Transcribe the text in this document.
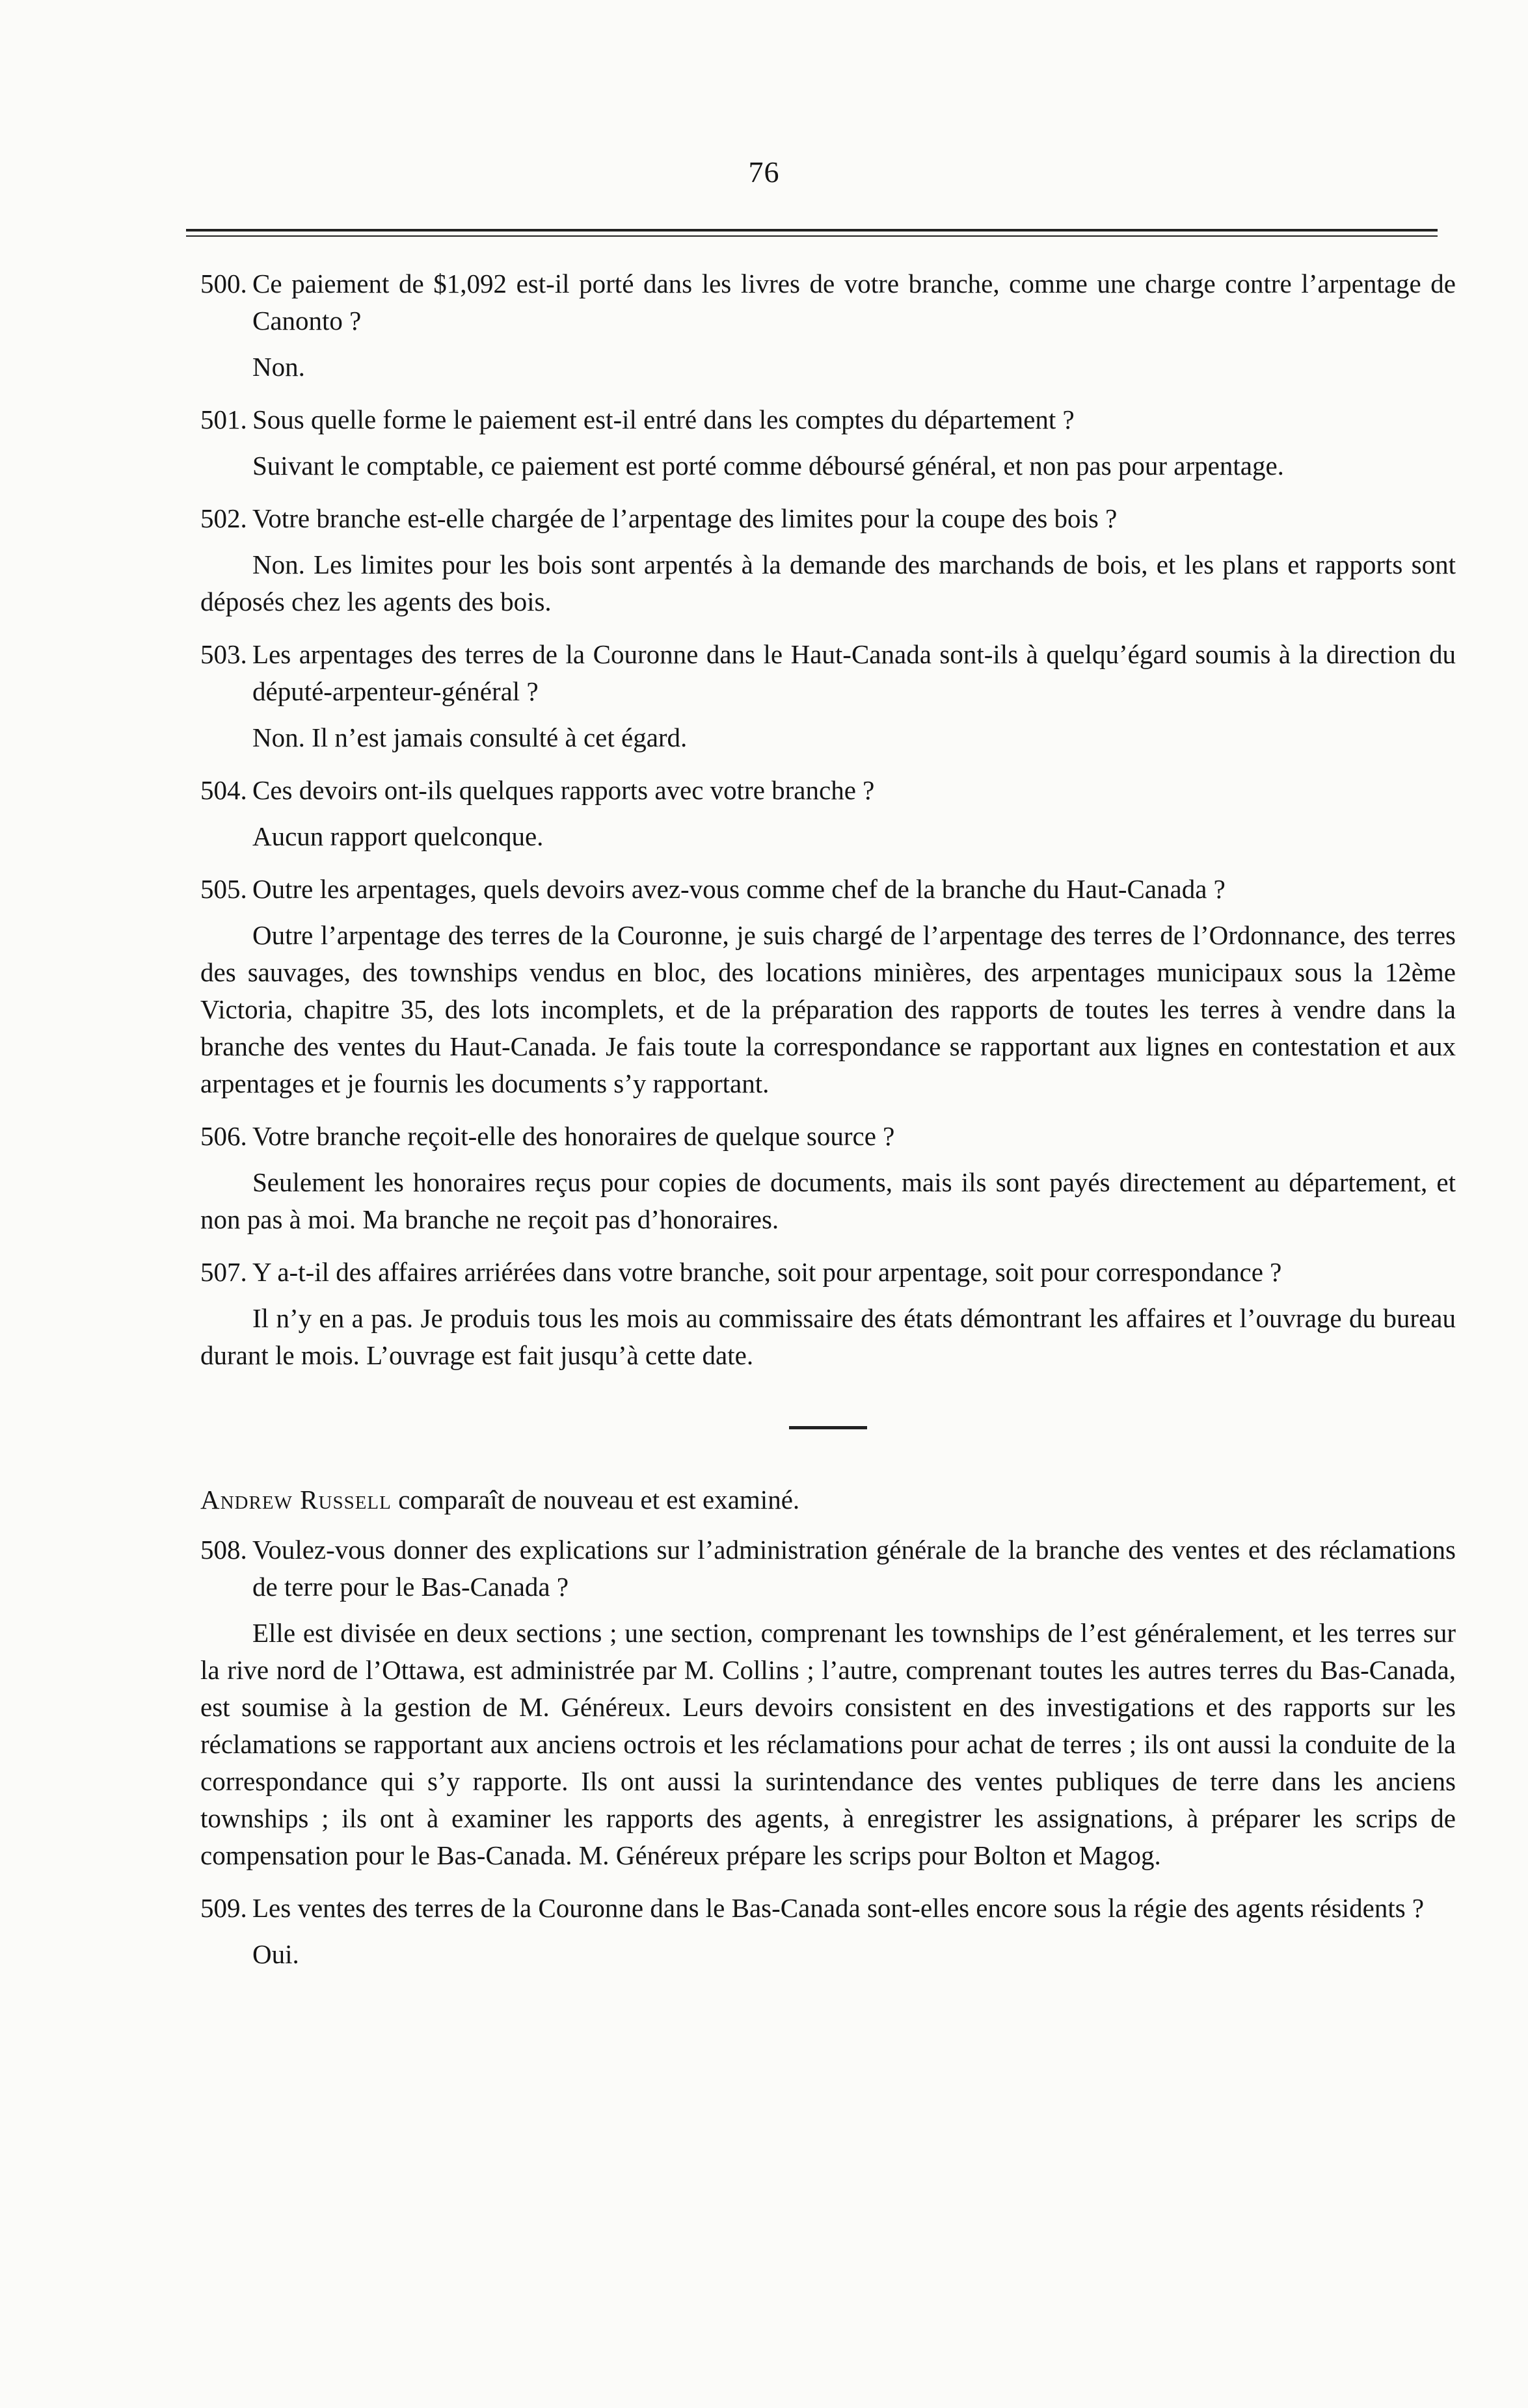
76

500. Ce paiement de $1,092 est-il porté dans les livres de votre branche, comme une charge contre l’arpentage de Canonto ?

Non.

501. Sous quelle forme le paiement est-il entré dans les comptes du département ?

Suivant le comptable, ce paiement est porté comme déboursé général, et non pas pour arpentage.

502. Votre branche est-elle chargée de l’arpentage des limites pour la coupe des bois ?

Non. Les limites pour les bois sont arpentés à la demande des marchands de bois, et les plans et rapports sont déposés chez les agents des bois.

503. Les arpentages des terres de la Couronne dans le Haut-Canada sont-ils à quelqu’égard soumis à la direction du député-arpenteur-général ?

Non. Il n’est jamais consulté à cet égard.

504. Ces devoirs ont-ils quelques rapports avec votre branche ?

Aucun rapport quelconque.

505. Outre les arpentages, quels devoirs avez-vous comme chef de la branche du Haut-Canada ?

Outre l’arpentage des terres de la Couronne, je suis chargé de l’arpentage des terres de l’Ordonnance, des terres des sauvages, des townships vendus en bloc, des locations minières, des arpentages municipaux sous la 12ème Victoria, chapitre 35, des lots incomplets, et de la préparation des rapports de toutes les terres à vendre dans la branche des ventes du Haut-Canada. Je fais toute la correspondance se rapportant aux lignes en contestation et aux arpentages et je fournis les documents s’y rapportant.

506. Votre branche reçoit-elle des honoraires de quelque source ?

Seulement les honoraires reçus pour copies de documents, mais ils sont payés directement au département, et non pas à moi. Ma branche ne reçoit pas d’honoraires.

507. Y a-t-il des affaires arriérées dans votre branche, soit pour arpentage, soit pour correspondance ?

Il n’y en a pas. Je produis tous les mois au commissaire des états démontrant les affaires et l’ouvrage du bureau durant le mois. L’ouvrage est fait jusqu’à cette date.

Andrew Russell comparaît de nouveau et est examiné.

508. Voulez-vous donner des explications sur l’administration générale de la branche des ventes et des réclamations de terre pour le Bas-Canada ?

Elle est divisée en deux sections ; une section, comprenant les townships de l’est généralement, et les terres sur la rive nord de l’Ottawa, est administrée par M. Collins ; l’autre, comprenant toutes les autres terres du Bas-Canada, est soumise à la gestion de M. Généreux. Leurs devoirs consistent en des investigations et des rapports sur les réclamations se rapportant aux anciens octrois et les réclamations pour achat de terres ; ils ont aussi la conduite de la correspondance qui s’y rapporte. Ils ont aussi la surintendance des ventes publiques de terre dans les anciens townships ; ils ont à examiner les rapports des agents, à enregistrer les assignations, à préparer les scrips de compensation pour le Bas-Canada. M. Généreux prépare les scrips pour Bolton et Magog.

509. Les ventes des terres de la Couronne dans le Bas-Canada sont-elles encore sous la régie des agents résidents ?

Oui.
